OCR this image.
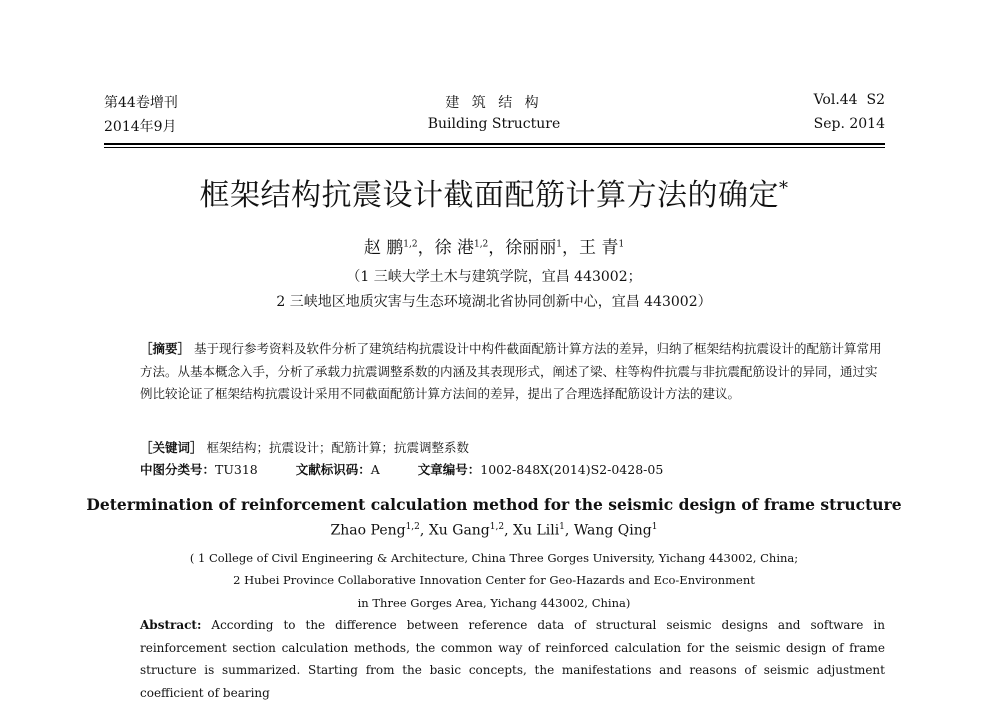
第44卷增刊
2014年9月
建 筑 结 构
Building Structure
Vol.44  S2
Sep. 2014
框架结构抗震设计截面配筋计算方法的确定*
赵 鹏$^{1,2}$，徐 港$^{1,2}$，徐丽丽$^1$，王 青$^1$
（1 三峡大学土木与建筑学院，宜昌 443002；
2 三峡地区地质灾害与生态环境湖北省协同创新中心，宜昌 443002）
［摘要］ 基于现行参考资料及软件分析了建筑结构抗震设计中构件截面配筋计算方法的差异，归纳了框架结构抗震设计的配筋计算常用方法。从基本概念入手，分析了承载力抗震调整系数的内涵及其表现形式，阐述了梁、柱等构件抗震与非抗震配筋设计的异同，通过实例比较论证了框架结构抗震设计采用不同截面配筋计算方法间的差异，提出了合理选择配筋设计方法的建议。
［关键词］ 框架结构；抗震设计；配筋计算；抗震调整系数
中图分类号：TU318	文献标识码：A	文章编号：1002-848X(2014)S2-0428-05
Determination of reinforcement calculation method for the seismic design of frame structure
Zhao Peng$^{1,2}$, Xu Gang$^{1,2}$, Xu Lili$^1$, Wang Qing$^1$
( 1 College of Civil Engineering & Architecture, China Three Gorges University, Yichang 443002, China;
2 Hubei Province Collaborative Innovation Center for Geo-Hazards and Eco-Environment
in Three Gorges Area, Yichang 443002, China)
Abstract: According to the difference between reference data of structural seismic designs and software in reinforcement section calculation methods, the common way of reinforced calculation for the seismic design of frame structure is summarized. Starting from the basic concepts, the manifestations and reasons of seismic adjustment coefficient of bearing
